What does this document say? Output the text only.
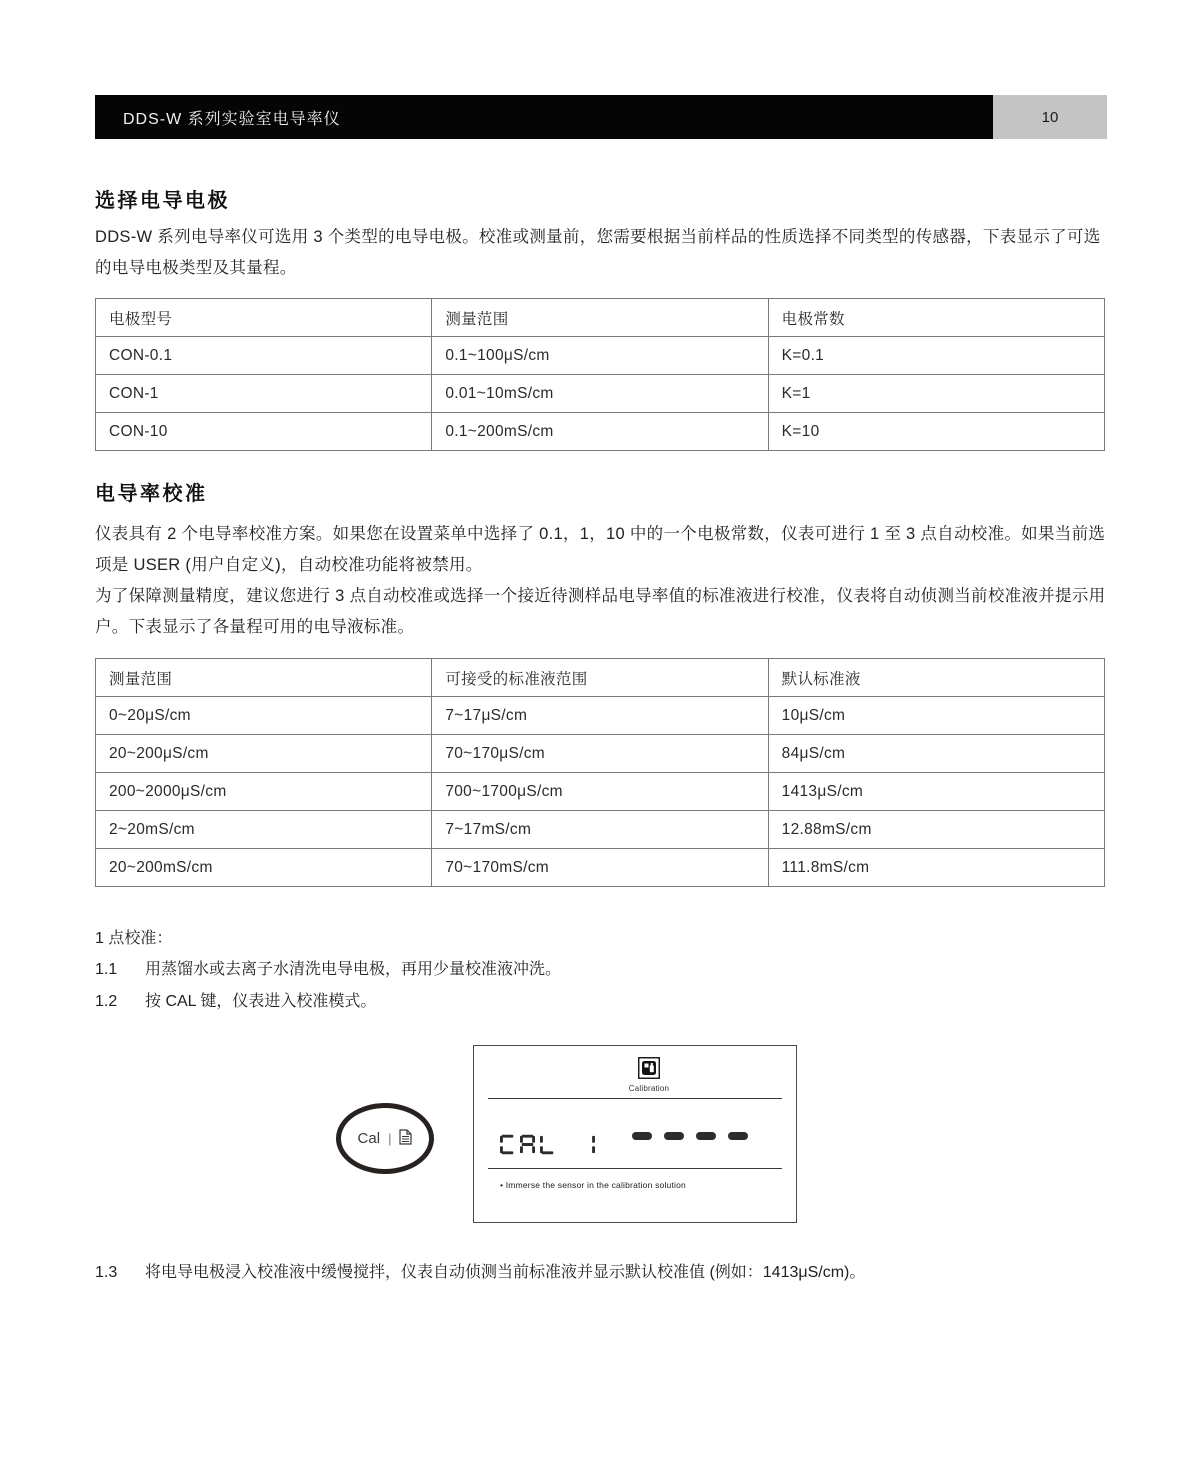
DDS-W 系列实验室电导率仪	10
选择电导电极

DDS-W 系列电导率仪可选用 3 个类型的电导电极。校准或测量前，您需要根据当前样品的性质选择不同类型的传感器，下表显示了可选的电导电极类型及其量程。

电极型号	测量范围	电极常数
CON-0.1	0.1~100μS/cm	K=0.1
CON-1	0.01~10mS/cm	K=1
CON-10	0.1~200mS/cm	K=10
电导率校准

仪表具有 2 个电导率校准方案。如果您在设置菜单中选择了 0.1，1，10 中的一个电极常数，仪表可进行 1 至 3 点自动校准。如果当前选项是 USER (用户自定义)，自动校准功能将被禁用。

为了保障测量精度，建议您进行 3 点自动校准或选择一个接近待测样品电导率值的标准液进行校准，仪表将自动侦测当前校准液并提示用户。下表显示了各量程可用的电导液标准。

测量范围	可接受的标准液范围	默认标准液
0~20μS/cm	7~17μS/cm	10μS/cm
20~200μS/cm	70~170μS/cm	84μS/cm
200~2000μS/cm	700~1700μS/cm	1413μS/cm
2~20mS/cm	7~17mS/cm	12.88mS/cm
20~200mS/cm	70~170mS/cm	111.8mS/cm
1 点校准：
1.1 用蒸馏水或去离子水清洗电导电极，再用少量校准液冲洗。
1.2 按 CAL 键，仪表进入校准模式。
Cal |
Calibration
• Immerse the sensor in the calibration solution
1.3 将电导电极浸入校准液中缓慢搅拌，仪表自动侦测当前标准液并显示默认校准值 (例如：1413μS/cm)。
